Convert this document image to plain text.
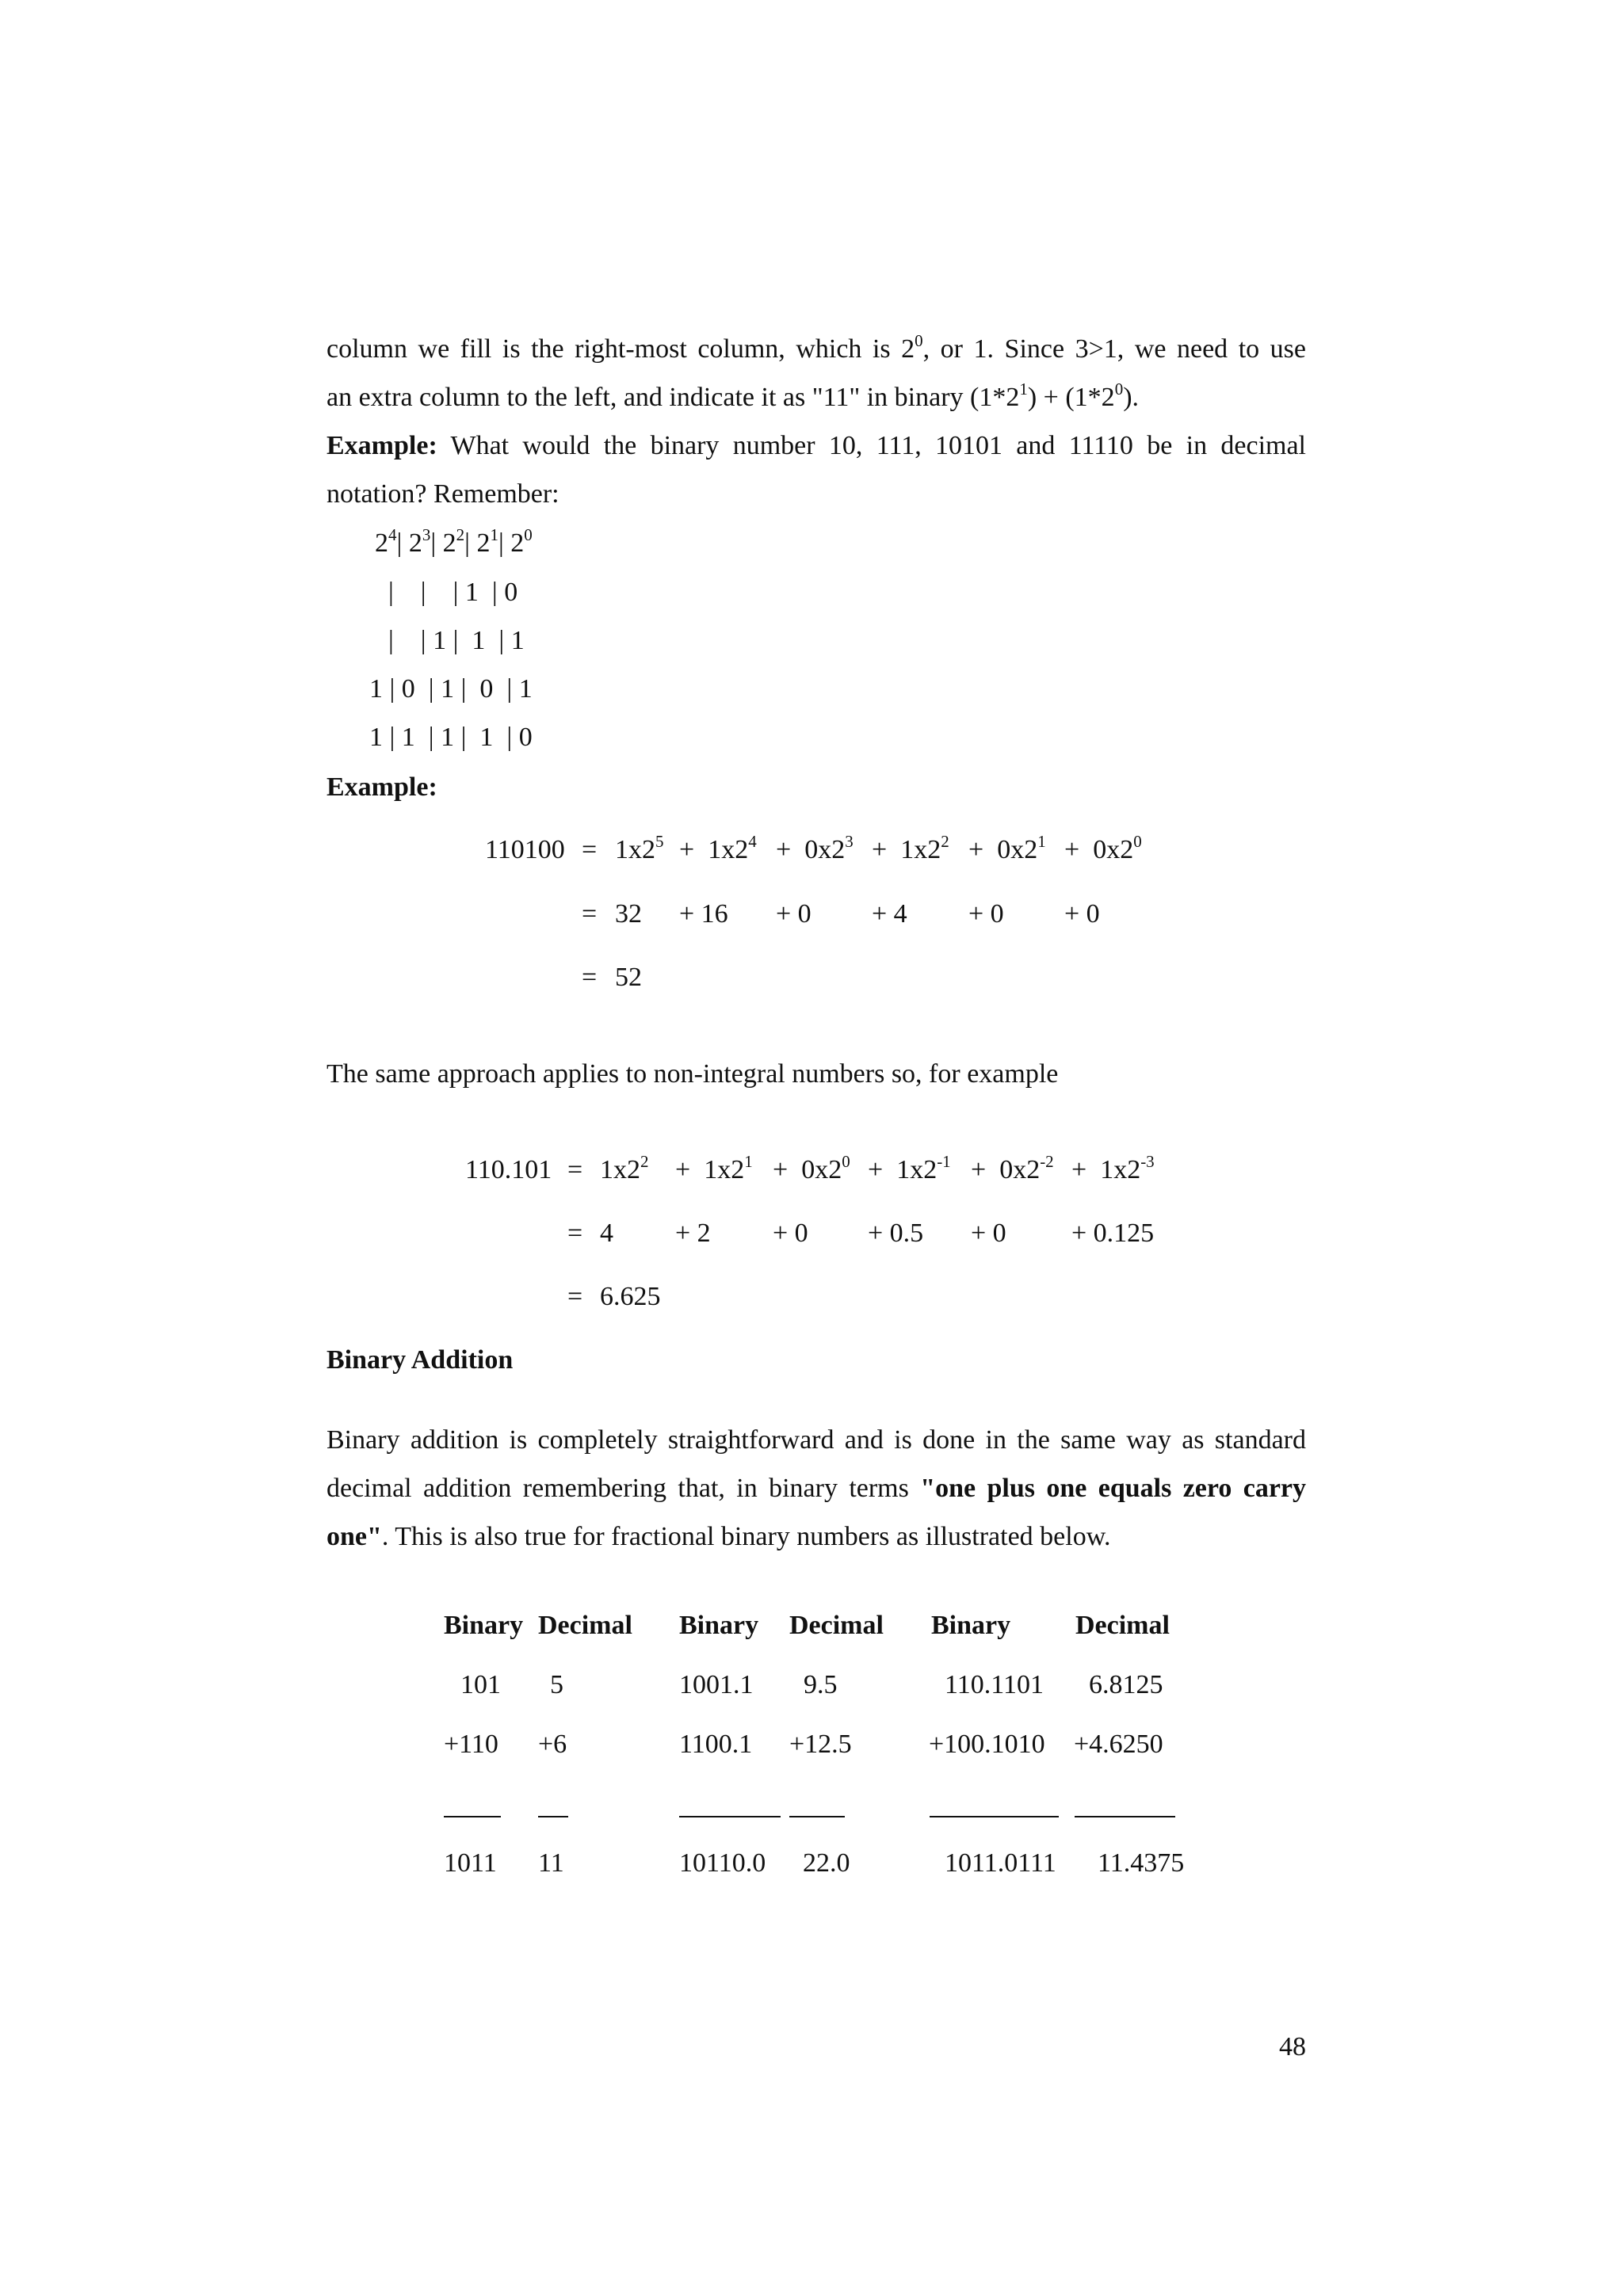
column we fill is the right-most column, which is $2^0$, or 1. Since 3>1, we need to use
an extra column to the left, and indicate it as "11" in binary $(1*2^1) + (1*2^0)$.
Example: What would the binary number 10, 111, 10101 and 11110 be in decimal
notation? Remember:
$2^4|$ $2^3|$ $2^2|$ $2^1|$ $2^0$
|    |    | 1  | 0
|    | 1 |  1  | 1
1 | 0  | 1 |  0  | 1
1 | 1  | 1 |  1  | 0
Example:
$110100 = 1x2^5 + 1x2^4 + 0x2^3 + 1x2^2 + 0x2^1 + 0x2^0$
= 32 + 16 + 0 + 4 + 0 + 0
= 52
The same approach applies to non-integral numbers so, for example
$110.101 = 1x2^2 + 1x2^1 + 0x2^0 + 1x2^{-1} + 0x2^{-2} + 1x2^{-3}$
= 4 + 2 + 0 + 0.5 + 0 + 0.125
= 6.625
Binary Addition
Binary addition is completely straightforward and is done in the same way as standard
decimal addition remembering that, in binary terms "one plus one equals zero carry
one". This is also true for fractional binary numbers as illustrated below.
Binary Decimal Binary Decimal Binary Decimal
101 5	1001.1 9.5	110.1101 6.8125
+110 +6	1100.1 +12.5	+100.1010 +4.6250
1011 11	10110.0 22.0	1011.0111 11.4375
48
